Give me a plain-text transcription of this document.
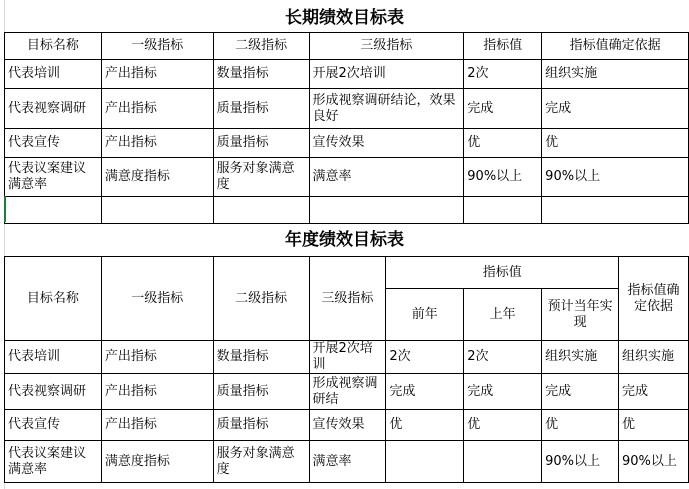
长期绩效目标表
目标名称	一级指标	二级指标	三级指标	指标值	指标值确定依据
代表培训	产出指标	数量指标	开展2次培训	2次	组织实施
代表视察调研	产出指标	质量指标	形成视察调研结论，效果良好	完成	完成
代表宣传	产出指标	质量指标	宣传效果	优	优
代表议案建议满意率	满意度指标	服务对象满意度	满意率	90%以上	90%以上

年度绩效目标表
目标名称	一级指标	二级指标	三级指标	指标值			指标值确定依据
				前年	上年	预计当年实现	
代表培训	产出指标	数量指标	开展2次培训	2次	2次	组织实施	组织实施
代表视察调研	产出指标	质量指标	形成视察调研结	完成	完成	完成	完成
代表宣传	产出指标	质量指标	宣传效果	优	优	优	优
代表议案建议满意率	满意度指标	服务对象满意度	满意率			90%以上	90%以上
